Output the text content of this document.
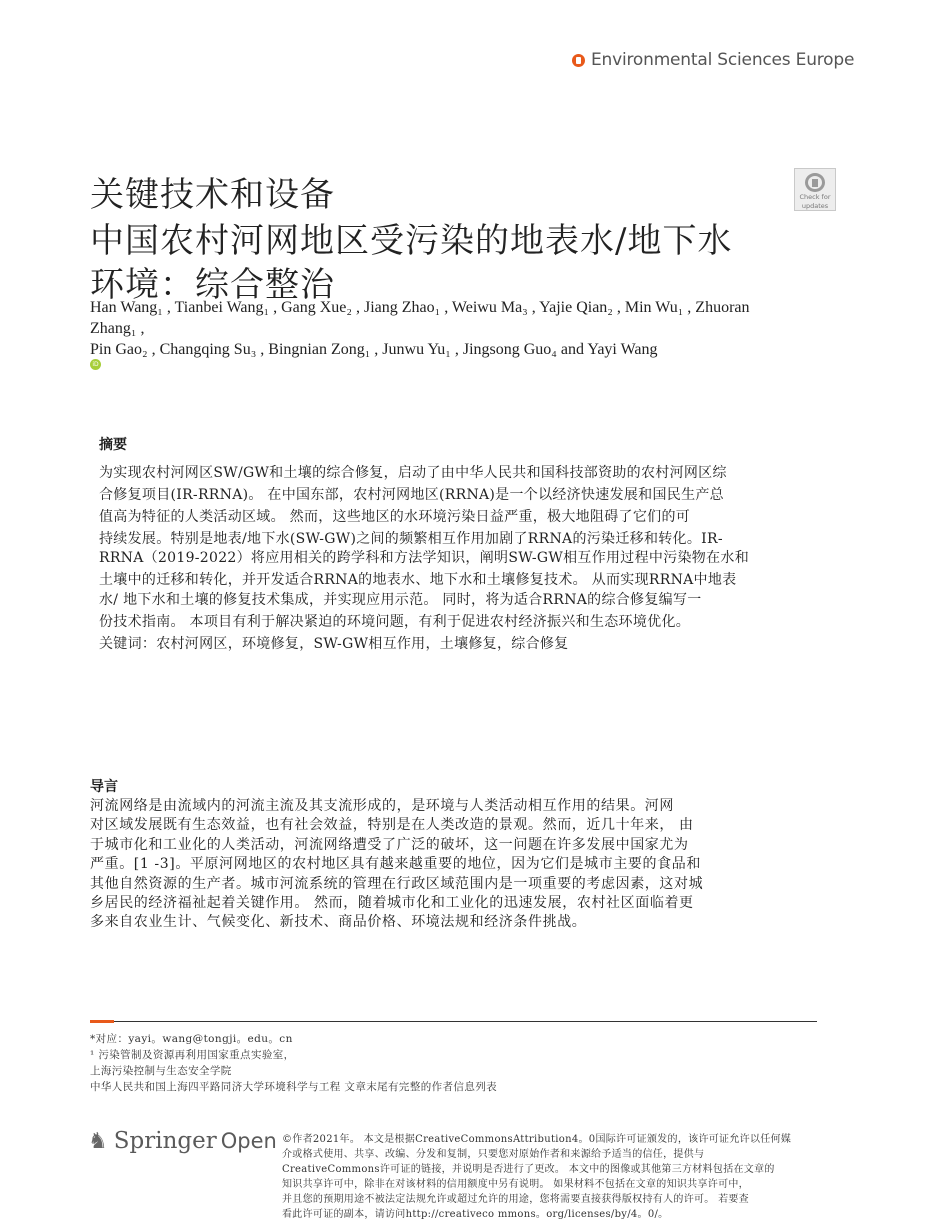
Environmental Sciences Europe
关键技术和设备
中国农村河网地区受污染的地表水/地下水
环境：综合整治
Check for
updates
Han Wang₁ , Tianbei Wang₁ , Gang Xue₂ , Jiang Zhao₁ , Weiwu Ma₃ , Yajie Qian₂ , Min Wu₁ , Zhuoran
Zhang₁ ,
Pin Gao₂ , Changqing Su₃ , Bingnian Zong₁ , Junwu Yu₁ , Jingsong Guo₄ and Yayi Wang
iD
摘要
为实现农村河网区SW/GW和土壤的综合修复，启动了由中华人民共和国科技部资助的农村河网区综
合修复项目(IR-RRNA)。 在中国东部，农村河网地区(RRNA)是一个以经济快速发展和国民生产总
值高为特征的人类活动区域。 然而，这些地区的水环境污染日益严重，极大地阻碍了它们的可
持续发展。特别是地表/地下水(SW-GW)之间的频繁相互作用加剧了RRNA的污染迁移和转化。IR-
RRNA（2019-2022）将应用相关的跨学科和方法学知识，阐明SW-GW相互作用过程中污染物在水和
土壤中的迁移和转化，并开发适合RRNA的地表水、地下水和土壤修复技术。 从而实现RRNA中地表
水/ 地下水和土壤的修复技术集成，并实现应用示范。 同时，将为适合RRNA的综合修复编写一
份技术指南。 本项目有利于解决紧迫的环境问题，有利于促进农村经济振兴和生态环境优化。
关键词：农村河网区，环境修复，SW-GW相互作用，土壤修复，综合修复
导言
河流网络是由流域内的河流主流及其支流形成的，是环境与人类活动相互作用的结果。河网
对区域发展既有生态效益，也有社会效益，特别是在人类改造的景观。然而，近几十年来， 由
于城市化和工业化的人类活动，河流网络遭受了广泛的破坏，这一问题在许多发展中国家尤为
严重。[1 -3]。平原河网地区的农村地区具有越来越重要的地位，因为它们是城市主要的食品和
其他自然资源的生产者。城市河流系统的管理在行政区域范围内是一项重要的考虑因素，这对城
乡居民的经济福祉起着关键作用。 然而，随着城市化和工业化的迅速发展，农村社区面临着更
多来自农业生计、气候变化、新技术、商品价格、环境法规和经济条件挑战。
*对应：yayi。wang@tongji。edu。cn
¹ 污染管制及资源再利用国家重点实验室，
上海污染控制与生态安全学院
中华人民共和国上海四平路同济大学环境科学与工程 文章末尾有完整的作者信息列表
♞ Springer Open ©作者2021年。 本文是根据CreativeCommonsAttribution4。0国际许可证颁发的，该许可证允许以任何媒
介或格式使用、共享、改编、分发和复制，只要您对原始作者和来源给予适当的信任，提供与
CreativeCommons许可证的链接，并说明是否进行了更改。 本文中的图像或其他第三方材料包括在文章的
知识共享许可中，除非在对该材料的信用额度中另有说明。 如果材料不包括在文章的知识共享许可中，
并且您的预期用途不被法定法规允许或超过允许的用途，您将需要直接获得版权持有人的许可。 若要查
看此许可证的副本，请访问http://creativeco mmons。org/licenses/by/4。0/。
